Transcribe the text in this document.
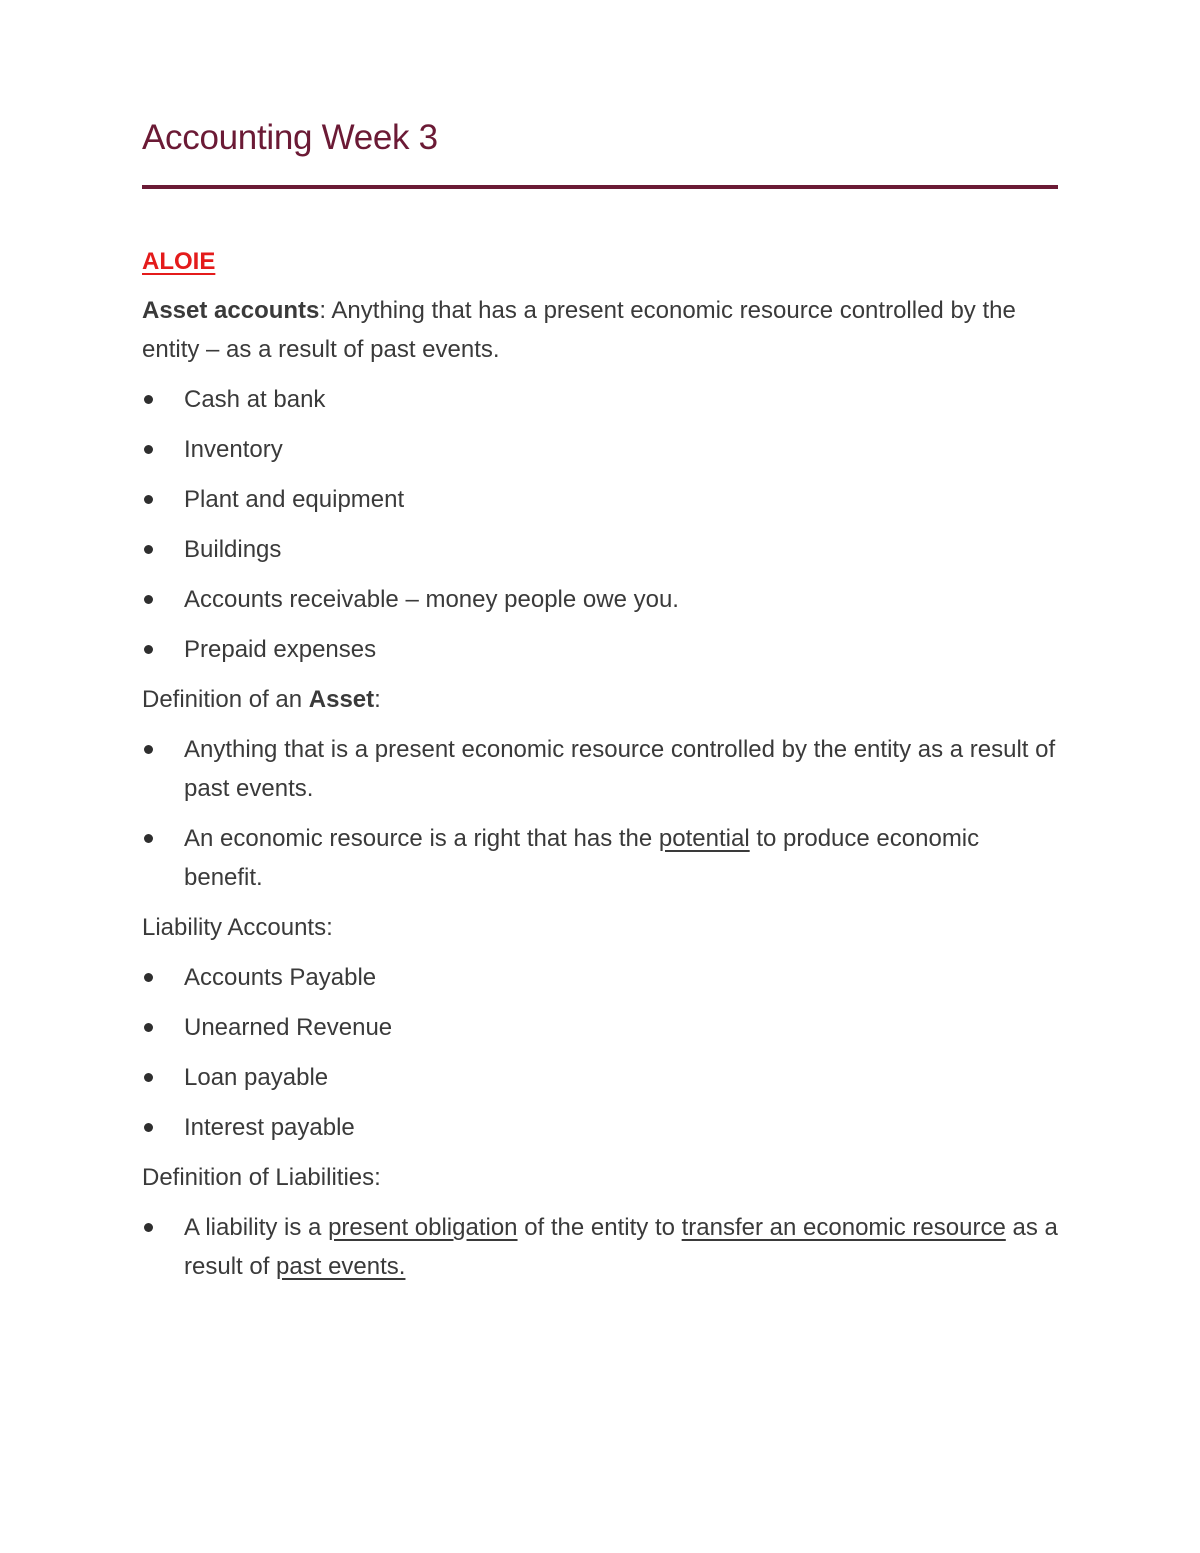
Accounting Week 3
ALOIE

Asset accounts: Anything that has a present economic resource controlled by the entity – as a result of past events.

Cash at bank
Inventory
Plant and equipment
Buildings
Accounts receivable – money people owe you.
Prepaid expenses

Definition of an Asset:

Anything that is a present economic resource controlled by the entity as a result of past events.
An economic resource is a right that has the potential to produce economic benefit.

Liability Accounts:

Accounts Payable
Unearned Revenue
Loan payable
Interest payable

Definition of Liabilities:

A liability is a present obligation of the entity to transfer an economic resource as a result of past events.
